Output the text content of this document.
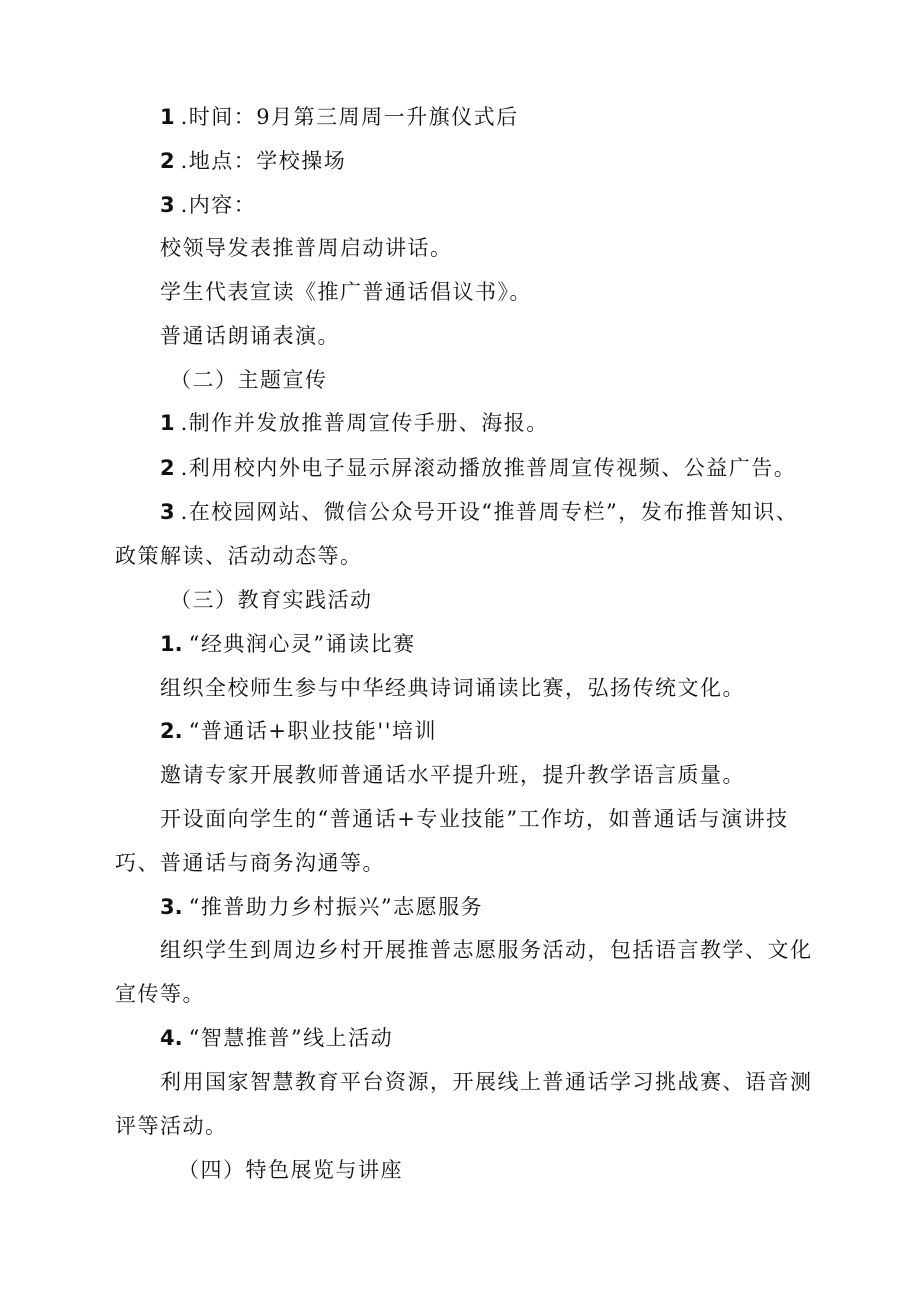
1 .时间：9月第三周周一升旗仪式后
2 .地点：学校操场
3 .内容：
校领导发表推普周启动讲话。
学生代表宣读《推广普通话倡议书》。
普通话朗诵表演。
（二）主题宣传
1 .制作并发放推普周宣传手册、海报。
2 .利用校内外电子显示屏滚动播放推普周宣传视频、公益广告。
3 .在校园网站、微信公众号开设“推普周专栏”，发布推普知识、
政策解读、活动动态等。
（三）教育实践活动
1. “经典润心灵”诵读比赛
组织全校师生参与中华经典诗词诵读比赛，弘扬传统文化。
2. “普通话+职业技能''培训
邀请专家开展教师普通话水平提升班，提升教学语言质量。
开设面向学生的“普通话+专业技能”工作坊，如普通话与演讲技
巧、普通话与商务沟通等。
3. “推普助力乡村振兴”志愿服务
组织学生到周边乡村开展推普志愿服务活动，包括语言教学、文化
宣传等。
4. “智慧推普”线上活动
利用国家智慧教育平台资源，开展线上普通话学习挑战赛、语音测
评等活动。
（四）特色展览与讲座
